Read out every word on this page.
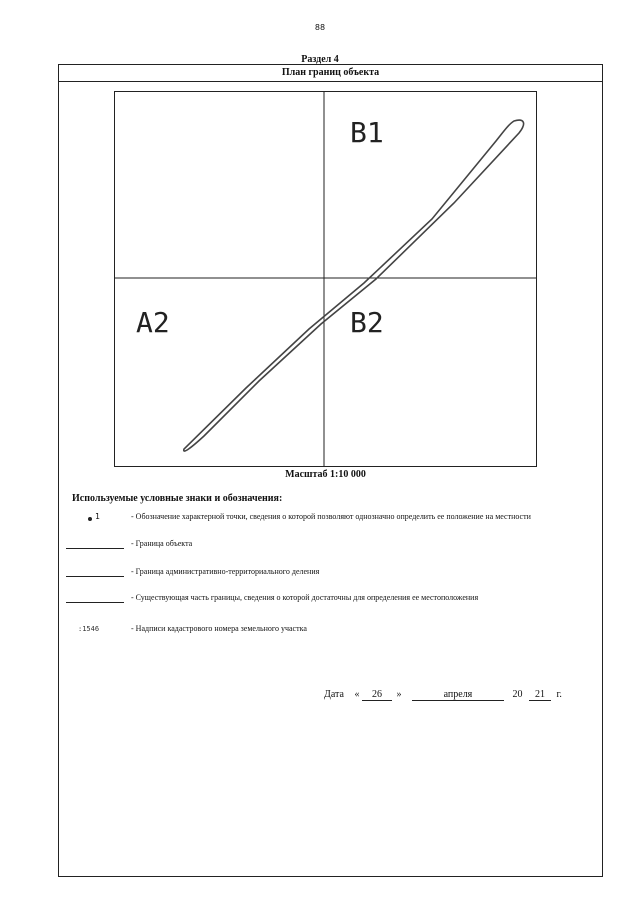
88
Раздел 4
План границ объекта
B1
A2	B2
Масштаб 1:10 000
Используемые условные знаки и обозначения:
1	- Обозначение характерной точки, сведения о которой позволяют однозначно определить ее положение на местности
- Граница объекта
- Граница административно-территориального деления
- Существующая часть границы, сведения о которой достаточны для определения ее местоположения
:1546	- Надписи кадастрового номера земельного участка
Дата « 26 »	апреля	20 21 г.
